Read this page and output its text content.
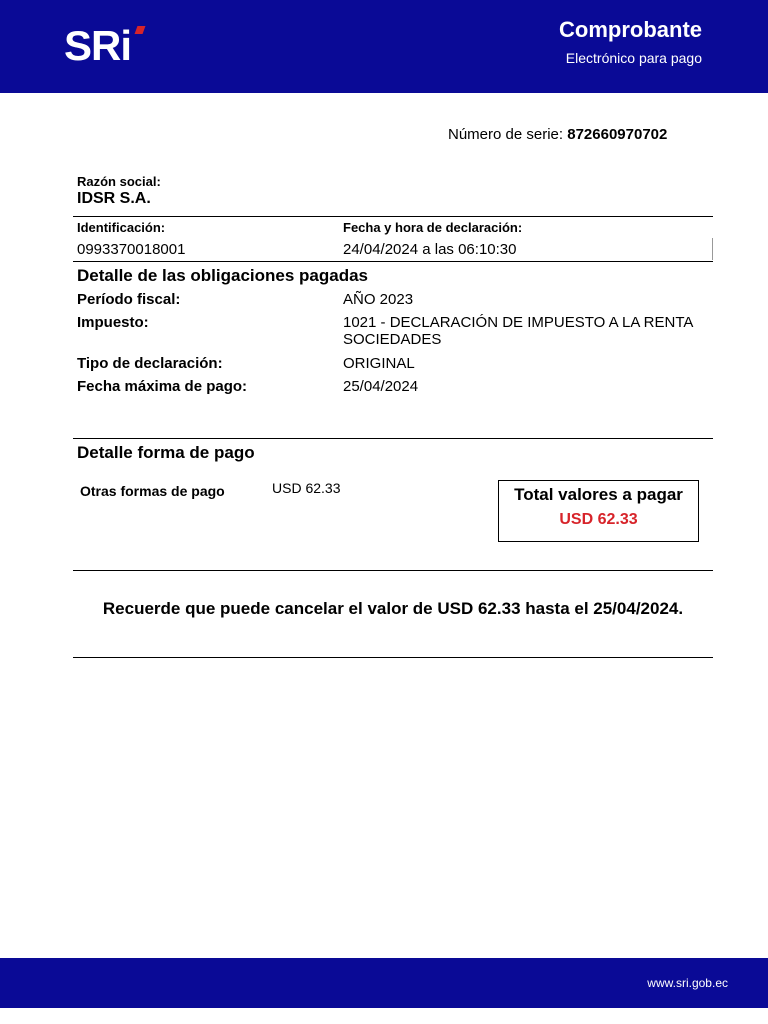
SRi	Comprobante
Electrónico para pago
Número de serie: 872660970702
Razón social:
IDSR S.A.
Identificación:	Fecha y hora de declaración:
0993370018001	24/04/2024 a las 06:10:30
Detalle de las obligaciones pagadas
Período fiscal:	AÑO 2023
Impuesto:	1021 - DECLARACIÓN DE IMPUESTO A LA RENTA SOCIEDADES
Tipo de declaración:	ORIGINAL
Fecha máxima de pago:	25/04/2024
Detalle forma de pago
Otras formas de pago	USD 62.33	Total valores a pagar
USD 62.33
Recuerde que puede cancelar el valor de USD 62.33 hasta el 25/04/2024.
www.sri.gob.ec
